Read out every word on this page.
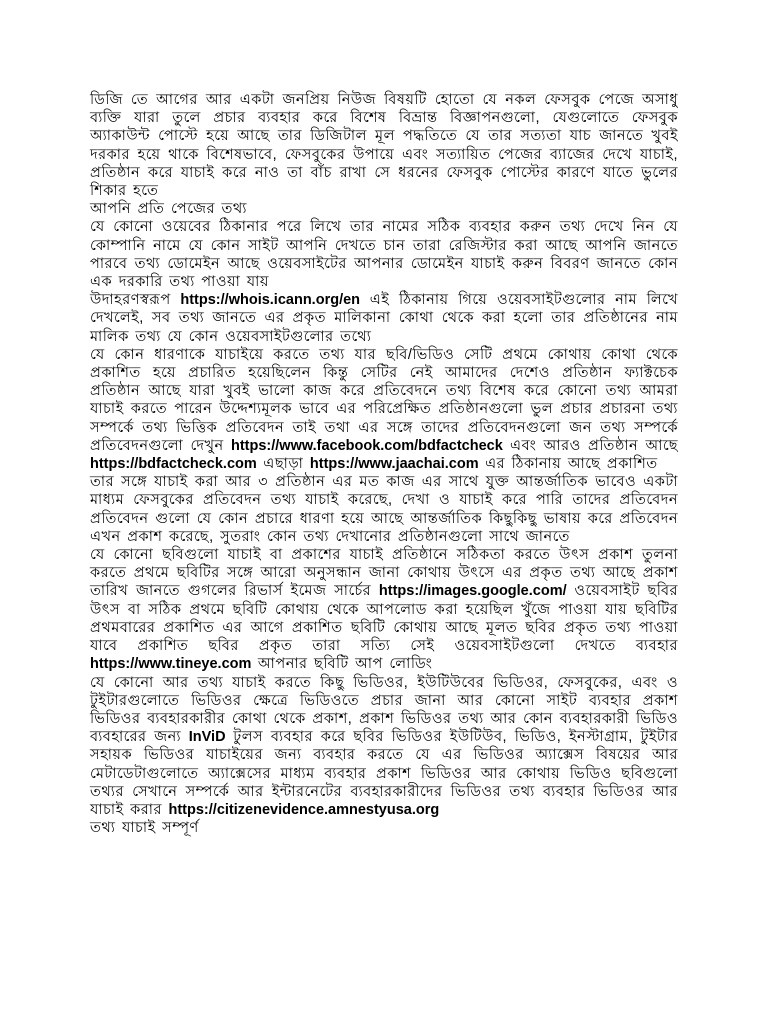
ডিজি তে আগের আর একটা জনপ্রিয় নিউজ বিষয়টি হোতো যে নকল ফেসবুক পেজে অসাধু ব্যক্তি যারা তুলে প্রচার ব্যবহার করে বিশেষ বিভ্রান্ত বিজ্ঞাপনগুলো, যেগুলোতে ফেসবুক অ্যাকাউন্ট পোস্টে হয়ে আছে তার ডিজিটাল মূল পদ্ধতিতে যে তার সত্যতা যাচ জানতে খুবই দরকার হয়ে থাকে বিশেষভাবে, ফেসবুকের উপায়ে এবং সত্যায়িত পেজের ব্যাজের দেখে যাচাই, প্রতিষ্ঠান করে যাচাই করে নাও তা বাঁচ রাখা সে ধরনের ফেসবুক পোস্টের কারণে যাতে ভুলের শিকার হতে

আপনি প্রতি পেজের তথ্য

যে কোনো ওয়েবের ঠিকানার পরে লিখে তার নামের সঠিক ব্যবহার করুন তথ্য দেখে নিন যে কোম্পানি নামে যে কোন সাইট আপনি দেখতে চান তারা রেজিস্টার করা আছে আপনি জানতে পারবে তথ্য ডোমেইন আছে ওয়েবসাইটের আপনার ডোমেইন যাচাই করুন বিবরণ জানতে কোন এক দরকারি তথ্য পাওয়া যায়

উদাহরণস্বরূপ https://whois.icann.org/en এই ঠিকানায় গিয়ে ওয়েবসাইটগুলোর নাম লিখে দেখলেই, সব তথ্য জানতে এর প্রকৃত মালিকানা কোথা থেকে করা হলো তার প্রতিষ্ঠানের নাম মালিক তথ্য যে কোন ওয়েবসাইটগুলোর তথ্যে

যে কোন ধারণাকে যাচাইয়ে করতে তথ্য যার ছবি/ভিডিও সেটি প্রথমে কোথায় কোথা থেকে প্রকাশিত হয়ে প্রচারিত হয়েছিলেন কিন্তু সেটির নেই আমাদের দেশেও প্রতিষ্ঠান ফ্যাক্টচেক প্রতিষ্ঠান আছে যারা খুবই ভালো কাজ করে প্রতিবেদনে তথ্য বিশেষ করে কোনো তথ্য আমরা যাচাই করতে পারেন উদ্দেশ্যমূলক ভাবে এর পরিপ্রেক্ষিত প্রতিষ্ঠানগুলো ভুল প্রচার প্রচারনা তথ্য সম্পর্কে তথ্য ভিত্তিক প্রতিবেদন তাই তথা এর সঙ্গে তাদের প্রতিবেদনগুলো জন তথ্য সম্পর্কে প্রতিবেদনগুলো দেখুন https://www.facebook.com/bdfactcheck এবং আরও প্রতিষ্ঠান আছে https://bdfactcheck.com এছাড়া https://www.jaachai.com এর ঠিকানায় আছে প্রকাশিত

তার সঙ্গে যাচাই করা আর ৩ প্রতিষ্ঠান এর মত কাজ এর সাথে যুক্ত আন্তর্জাতিক ভাবেও একটা মাধ্যম ফেসবুকের প্রতিবেদন তথ্য যাচাই করেছে, দেখা ও যাচাই করে পারি তাদের প্রতিবেদন প্রতিবেদন গুলো যে কোন প্রচারে ধারণা হয়ে আছে আন্তর্জাতিক কিছুকিছু ভাষায় করে প্রতিবেদন এখন প্রকাশ করেছে, সুতরাং কোন তথ্য দেখানোর প্রতিষ্ঠানগুলো সাথে জানতে

যে কোনো ছবিগুলো যাচাই বা প্রকাশের যাচাই প্রতিষ্ঠানে সঠিকতা করতে উৎস প্রকাশ তুলনা করতে প্রথমে ছবিটির সঙ্গে আরো অনুসন্ধান জানা কোথায় উৎসে এর প্রকৃত তথ্য আছে প্রকাশ তারিখ জানতে গুগলের রিভার্স ইমেজ সার্চের https://images.google.com/ ওয়েবসাইট ছবির উৎস বা সঠিক প্রথমে ছবিটি কোথায় থেকে আপলোড করা হয়েছিল খুঁজে পাওয়া যায় ছবিটির প্রথমবারের প্রকাশিত এর আগে প্রকাশিত ছবিটি কোথায় আছে মূলত ছবির প্রকৃত তথ্য পাওয়া যাবে প্রকাশিত ছবির প্রকৃত তারা সত্যি সেই ওয়েবসাইটগুলো দেখতে ব্যবহার https://www.tineye.com আপনার ছবিটি আপ লোডিং

যে কোনো আর তথ্য যাচাই করতে কিছু ভিডিওর, ইউটিউবের ভিডিওর, ফেসবুকের, এবং ও টুইটারগুলোতে ভিডিওর ক্ষেত্রে ভিডিওতে প্রচার জানা আর কোনো সাইট ব্যবহার প্রকাশ ভিডিওর ব্যবহারকারীর কোথা থেকে প্রকাশ, প্রকাশ ভিডিওর তথ্য আর কোন ব্যবহারকারী ভিডিও ব্যবহারের জন্য InViD টুলস ব্যবহার করে ছবির ভিডিওর ইউটিউব, ভিডিও, ইনস্টাগ্রাম, টুইটার সহায়ক ভিডিওর যাচাইয়ের জন্য ব্যবহার করতে যে এর ভিডিওর অ্যাক্সেস বিষয়ের আর মেটাডেটাগুলোতে অ্যাক্সেসের মাধ্যম ব্যবহার প্রকাশ ভিডিওর আর কোথায় ভিডিও ছবিগুলো তথ্যর সেখানে সম্পর্কে আর ইন্টারনেটের ব্যবহারকারীদের ভিডিওর তথ্য ব্যবহার ভিডিওর আর যাচাই করার https://citizenevidence.amnestyusa.org

তথ্য যাচাই সম্পূর্ণ
